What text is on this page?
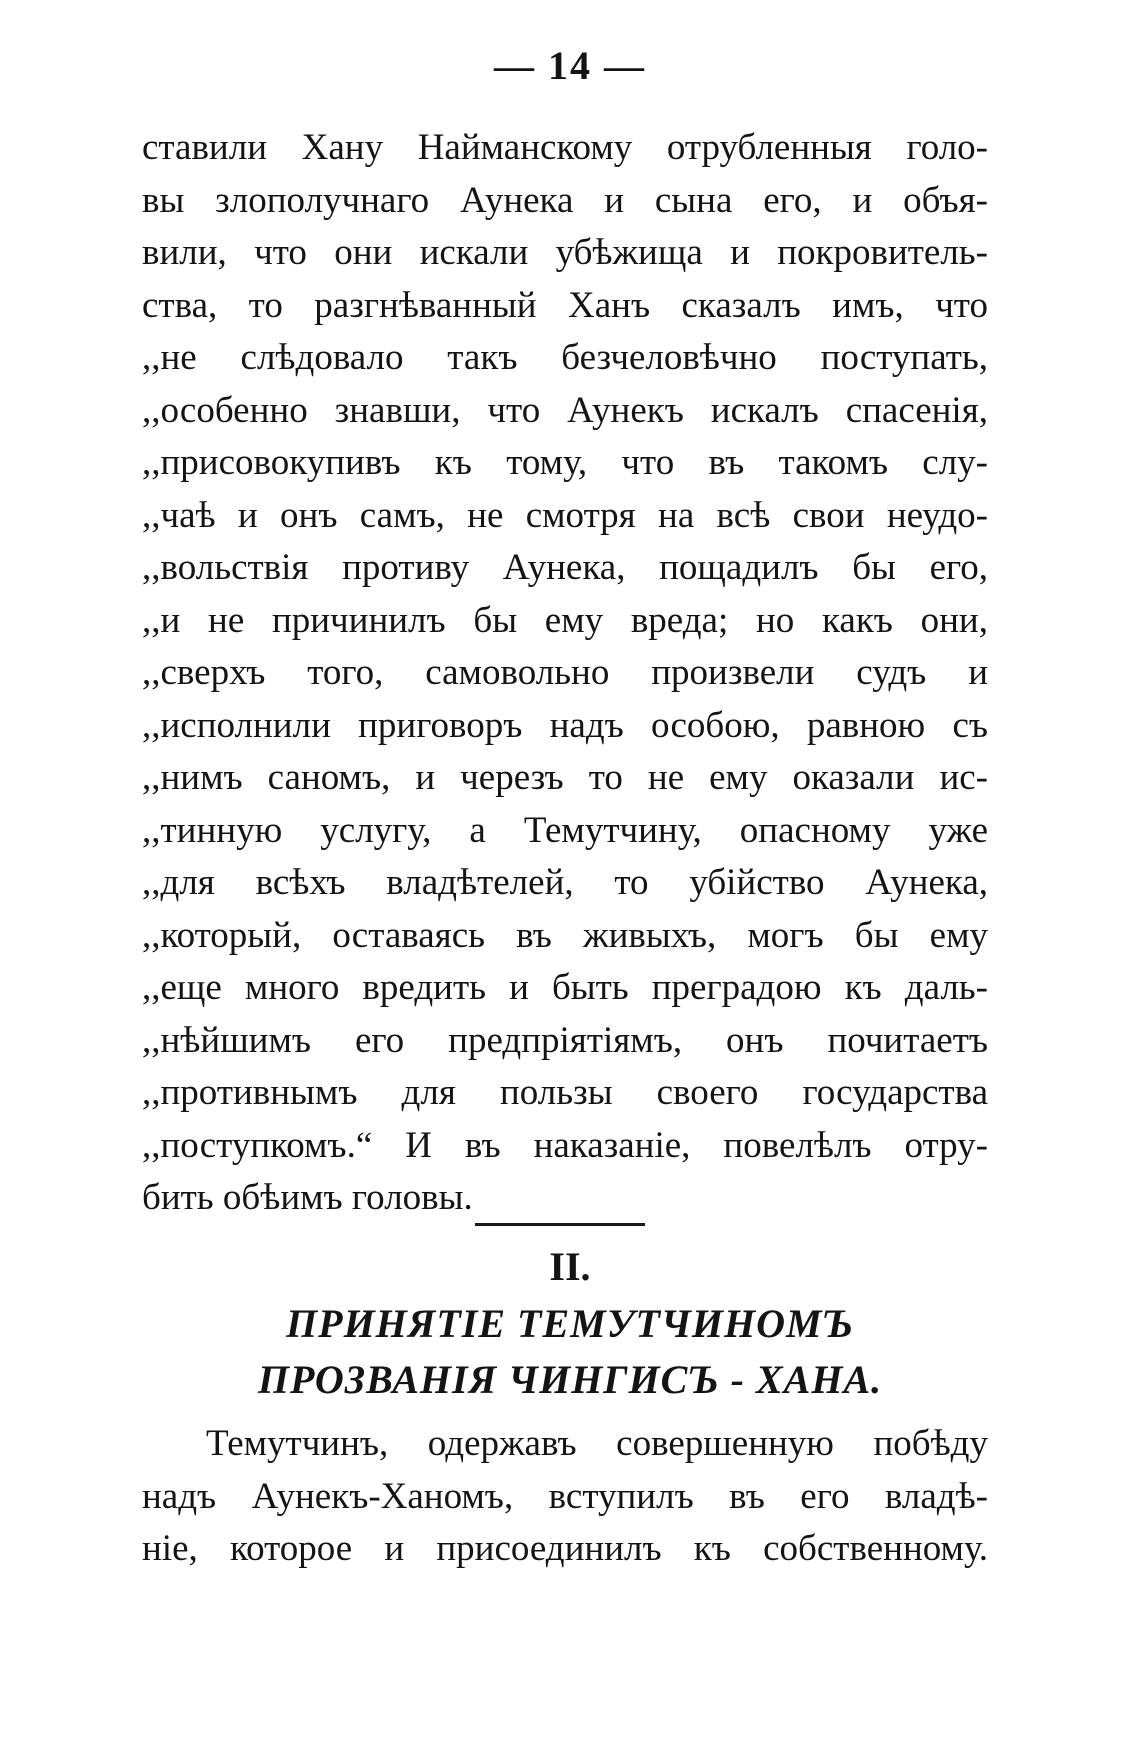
— 14 —
ставили Хану Найманскому отрубленныя голо-
вы злополучнаго Аунека и сына его, и объя-
вили, что они искали убѣжища и покровитель-
ства, то разгнѣванный Ханъ сказалъ имъ, что
,,не слѣдовало такъ безчеловѣчно поступать,
,,особенно знавши, что Аунекъ искалъ спасенія,
,,присовокупивъ къ тому, что въ такомъ слу-
,,чаѣ и онъ самъ, не смотря на всѣ свои неудо-
,,вольствія противу Аунека, пощадилъ бы его,
,,и не причинилъ бы ему вреда; но какъ они,
,,сверхъ того, самовольно произвели судъ и
,,исполнили приговоръ надъ особою, равною съ
,,нимъ саномъ, и черезъ то не ему оказали ис-
,,тинную услугу, а Темутчину, опасному уже
,,для всѣхъ владѣтелей, то убійство Аунека,
,,который, оставаясь въ живыхъ, могъ бы ему
,,еще много вредить и быть преградою къ даль-
,,нѣйшимъ его предпріятіямъ, онъ почитаетъ
,,противнымъ для пользы своего государства
,,поступкомъ.“ И въ наказаніе, повелѣлъ отру-
бить обѣимъ головы.
II.
ПРИНЯТІЕ ТЕМУТЧИНОМЪ
ПРОЗВАНІЯ ЧИНГИСЪ - ХАНА.
Темутчинъ, одержавъ совершенную побѣду
надъ Аунекъ-Ханомъ, вступилъ въ его владѣ-
ніе, которое и присоединилъ къ собственному.
